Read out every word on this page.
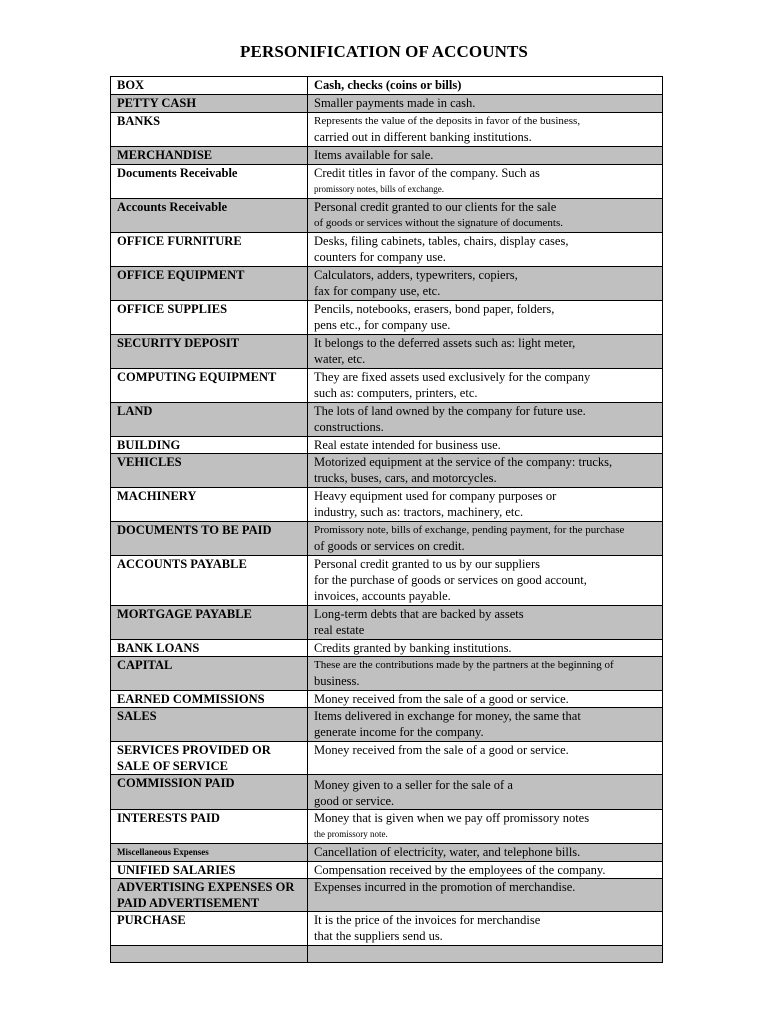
PERSONIFICATION OF ACCOUNTS
BOX	Cash, checks (coins or bills)

PETTY CASH	Smaller payments made in cash.

BANKS	Represents the value of the deposits in favor of the business,
carried out in different banking institutions.

MERCHANDISE	Items available for sale.

Documents Receivable	Credit titles in favor of the company. Such as
promissory notes, bills of exchange.

Accounts Receivable	Personal credit granted to our clients for the sale
of goods or services without the signature of documents.

OFFICE FURNITURE	Desks, filing cabinets, tables, chairs, display cases,
counters for company use.

OFFICE EQUIPMENT	Calculators, adders, typewriters, copiers,
fax for company use, etc.

OFFICE SUPPLIES	Pencils, notebooks, erasers, bond paper, folders,
pens etc., for company use.

SECURITY DEPOSIT	It belongs to the deferred assets such as: light meter,
water, etc.

COMPUTING EQUIPMENT	They are fixed assets used exclusively for the company
such as: computers, printers, etc.

LAND	The lots of land owned by the company for future use.
constructions.

BUILDING	Real estate intended for business use.

VEHICLES	Motorized equipment at the service of the company: trucks,
trucks, buses, cars, and motorcycles.

MACHINERY	Heavy equipment used for company purposes or
industry, such as: tractors, machinery, etc.

DOCUMENTS TO BE PAID	Promissory note, bills of exchange, pending payment, for the purchase
of goods or services on credit.

ACCOUNTS PAYABLE	Personal credit granted to us by our suppliers
for the purchase of goods or services on good account,
invoices, accounts payable.

MORTGAGE PAYABLE	Long-term debts that are backed by assets
real estate

BANK LOANS	Credits granted by banking institutions.

CAPITAL	These are the contributions made by the partners at the beginning of
business.

EARNED COMMISSIONS	Money received from the sale of a good or service.

SALES	Items delivered in exchange for money, the same that
generate income for the company.

SERVICES PROVIDED OR SALE OF SERVICE	Money received from the sale of a good or service.

COMMISSION PAID	Money given to a seller for the sale of a
good or service.

INTERESTS PAID	Money that is given when we pay off promissory notes
the promissory note.

Miscellaneous Expenses	Cancellation of electricity, water, and telephone bills.

UNIFIED SALARIES	Compensation received by the employees of the company.

ADVERTISING EXPENSES OR PAID ADVERTISEMENT	Expenses incurred in the promotion of merchandise.

PURCHASE	It is the price of the invoices for merchandise
that the suppliers send us.
